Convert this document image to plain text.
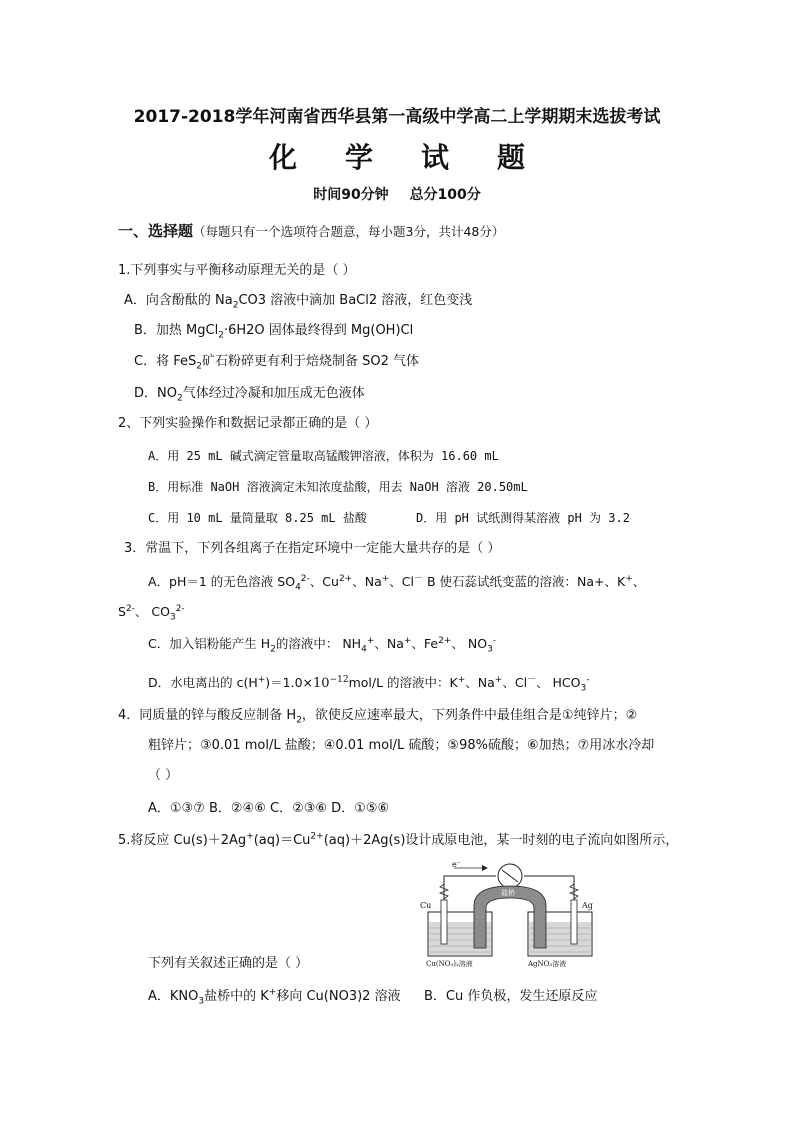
2017-2018学年河南省西华县第一高级中学高二上学期期末选拔考试
化学试题
时间90分钟 总分100分
一、选择题（每题只有一个选项符合题意，每小题3分，共计48分）
1.下列事实与平衡移动原理无关的是（ ）
A．向含酚酞的 $Na_2CO3$ 溶液中滴加 BaCl2 溶液，红色变浅
B．加热 MgCl$_2$·6H2O 固体最终得到 Mg(OH)Cl
C．将 FeS$_2$矿石粉碎更有利于焙烧制备 SO2 气体
D．$NO_2$气体经过冷凝和加压成无色液体
2、下列实验操作和数据记录都正确的是（ ）
A．用 25 mL 碱式滴定管量取高锰酸钾溶液，体积为 16.60 mL
B．用标准 NaOH 溶液滴定未知浓度盐酸，用去 NaOH 溶液 20.50mL
C．用 10 mL 量筒量取 8.25 mL 盐酸	D．用 pH 试纸测得某溶液 pH 为 3.2
3．常温下，下列各组离子在指定环境中一定能大量共存的是（ ）
A．pH＝1 的无色溶液 $SO_4^{2-}$、$Cu^{2+}$、Na+、Cl－ B 使石蕊试纸变蓝的溶液：Na+、K+、
$S^{2-}$、 $CO_3^{2-}$
C．加入铝粉能产生 $H_2$的溶液中： $NH_4^+$、Na+、$Fe^{2+}$、 $NO_3^-$
D．水电离出的 $c(H^+)=1.0\times 10^{-12}mol/L$ 的溶液中：K+、Na+、Cl－、 $HCO_3^-$
4．同质量的锌与酸反应制备 $H_2$，欲使反应速率最大，下列条件中最佳组合是①纯锌片；②
粗锌片；③0.01 mol/L 盐酸；④0.01 mol/L 硫酸；⑤98%硫酸；⑥加热；⑦用冰水冷却
（ ）
A．①③⑦ B．②④⑥ C．②③⑥ D．①⑤⑥
5.将反应 $Cu(s)+2Ag^+(aq)=Cu^{2+}(aq)+2Ag(s)$设计成原电池，某一时刻的电子流向如图所示，
e⁻
盐桥
Cu	Ag
Cu(NO₃)₂溶液	AgNO₃溶液
下列有关叙述正确的是（ ）
A．$KNO_3$盐桥中的 K+移向 Cu(NO3)2 溶液 B．Cu 作负极，发生还原反应
